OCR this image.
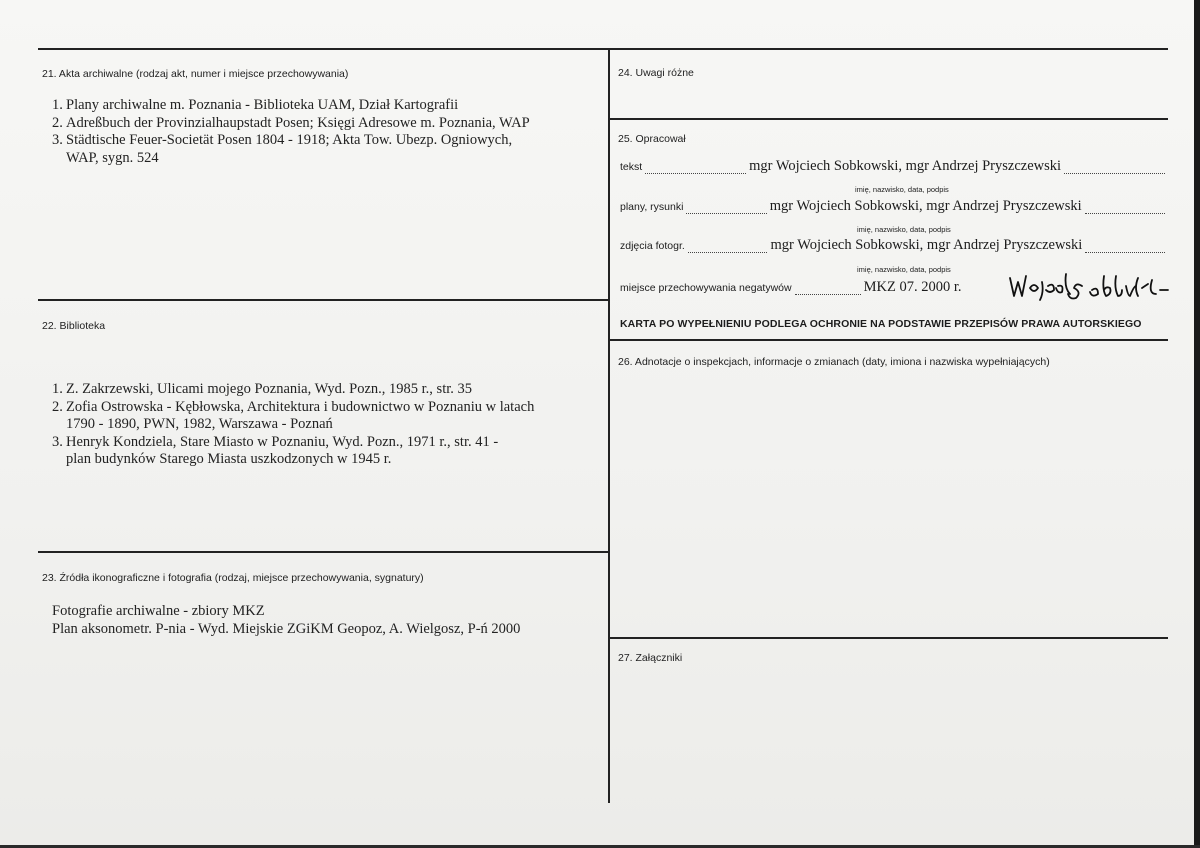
21. Akta archiwalne (rodzaj akt, numer i miejsce przechowywania)
1. Plany archiwalne m. Poznania - Biblioteka UAM, Dział Kartografii
2. Adreßbuch der Provinzialhaupstadt Posen; Księgi Adresowe m. Poznania, WAP
3. Städtische Feuer-Societät Posen 1804 - 1918; Akta Tow. Ubezp. Ogniowych,
WAP, sygn. 524
22. Biblioteka
1. Z. Zakrzewski, Ulicami mojego Poznania, Wyd. Pozn., 1985 r., str. 35
2. Zofia Ostrowska - Kębłowska, Architektura i budownictwo w Poznaniu w latach
1790 - 1890, PWN, 1982, Warszawa - Poznań
3. Henryk Kondziela, Stare Miasto w Poznaniu, Wyd. Pozn., 1971 r., str. 41 -
plan budynków Starego Miasta uszkodzonych w 1945 r.
23. Źródła ikonograficzne i fotografia (rodzaj, miejsce przechowywania, sygnatury)
Fotografie archiwalne - zbiory MKZ
Plan aksonometr. P-nia - Wyd. Miejskie ZGiKM Geopoz, A. Wielgosz, P-ń 2000
24. Uwagi różne
25. Opracował
tekst	mgr Wojciech Sobkowski, mgr Andrzej Pryszczewski
imię, nazwisko, data, podpis
plany, rysunki	mgr Wojciech Sobkowski, mgr Andrzej Pryszczewski
imię, nazwisko, data, podpis
zdjęcia fotogr.	mgr Wojciech Sobkowski, mgr Andrzej Pryszczewski
imię, nazwisko, data, podpis
miejsce przechowywania negatywów	MKZ 07. 2000 r.
KARTA PO WYPEŁNIENIU PODLEGA OCHRONIE NA PODSTAWIE PRZEPISÓW PRAWA AUTORSKIEGO
26. Adnotacje o inspekcjach, informacje o zmianach (daty, imiona i nazwiska wypełniających)
27. Załączniki
